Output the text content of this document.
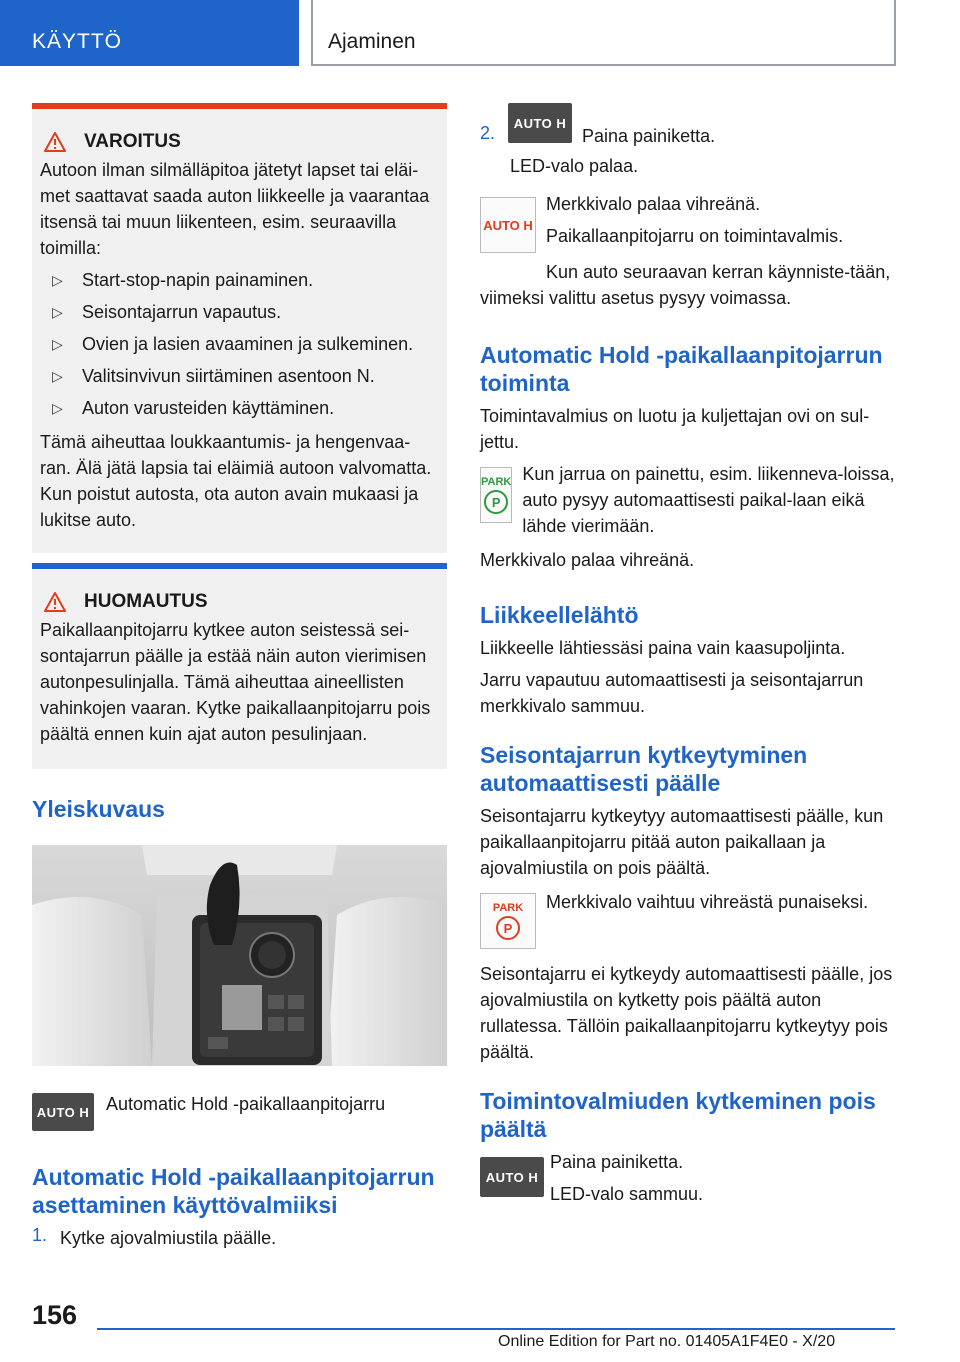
KÄYTTÖ	Ajaminen
VAROITUS
Autoon ilman silmälläpitoa jätetyt lapset tai eläi-met saattavat saada auton liikkeelle ja vaarantaa itsensä tai muun liikenteen, esim. seuraavilla toimilla:
▷	Start-stop-napin painaminen.
▷	Seisontajarrun vapautus.
▷	Ovien ja lasien avaaminen ja sulkeminen.
▷	Valitsinvivun siirtäminen asentoon N.
▷	Auton varusteiden käyttäminen.
Tämä aiheuttaa loukkaantumis- ja hengenvaa-ran. Älä jätä lapsia tai eläimiä autoon valvomatta. Kun poistut autosta, ota auton avain mukaasi ja lukitse auto.
HUOMAUTUS
Paikallaanpitojarru kytkee auton seistessä sei-sontajarrun päälle ja estää näin auton vierimisen autonpesulinjalla. Tämä aiheuttaa aineellisten vahinkojen vaaran. Kytke paikallaanpitojarru pois päältä ennen kuin ajat auton pesulinjaan.
Yleiskuvaus
AUTO H Automatic Hold -paikallaanpitojarru
Automatic Hold -paikallaanpitojarrun asettaminen käyttövalmiiksi
1. Kytke ajovalmiustila päälle.
2.	AUTO H
Paina painiketta.
LED-valo palaa.
AUTO H
Merkkivalo palaa vihreänä.
Paikallaanpitojarru on toimintavalmis.
Kun auto seuraavan kerran käynniste-tään, viimeksi valittu asetus pysyy voimassa.
Automatic Hold -paikallaanpitojarrun toiminta
Toimintavalmius on luotu ja kuljettajan ovi on sul-jettu.
PARK
P
Kun jarrua on painettu, esim. liikenneva-loissa, auto pysyy automaattisesti paikal-laan eikä lähde vierimään.
Merkkivalo palaa vihreänä.
Liikkeellelähtö
Liikkeelle lähtiessäsi paina vain kaasupoljinta.
Jarru vapautuu automaattisesti ja seisontajarrun merkkivalo sammuu.
Seisontajarrun kytkeytyminen automaattisesti päälle
Seisontajarru kytkeytyy automaattisesti päälle, kun paikallaanpitojarru pitää auton paikallaan ja ajovalmiustila on pois päältä.
PARK
P
Merkkivalo vaihtuu vihreästä punaiseksi.
Seisontajarru ei kytkeydy automaattisesti päälle, jos ajovalmiustila on kytketty pois päältä auton rullatessa. Tällöin paikallaanpitojarru kytkeytyy pois päältä.
Toimintovalmiuden kytkeminen pois päältä
AUTO H
Paina painiketta.
LED-valo sammuu.
156
Online Edition for Part no. 01405A1F4E0 - X/20
